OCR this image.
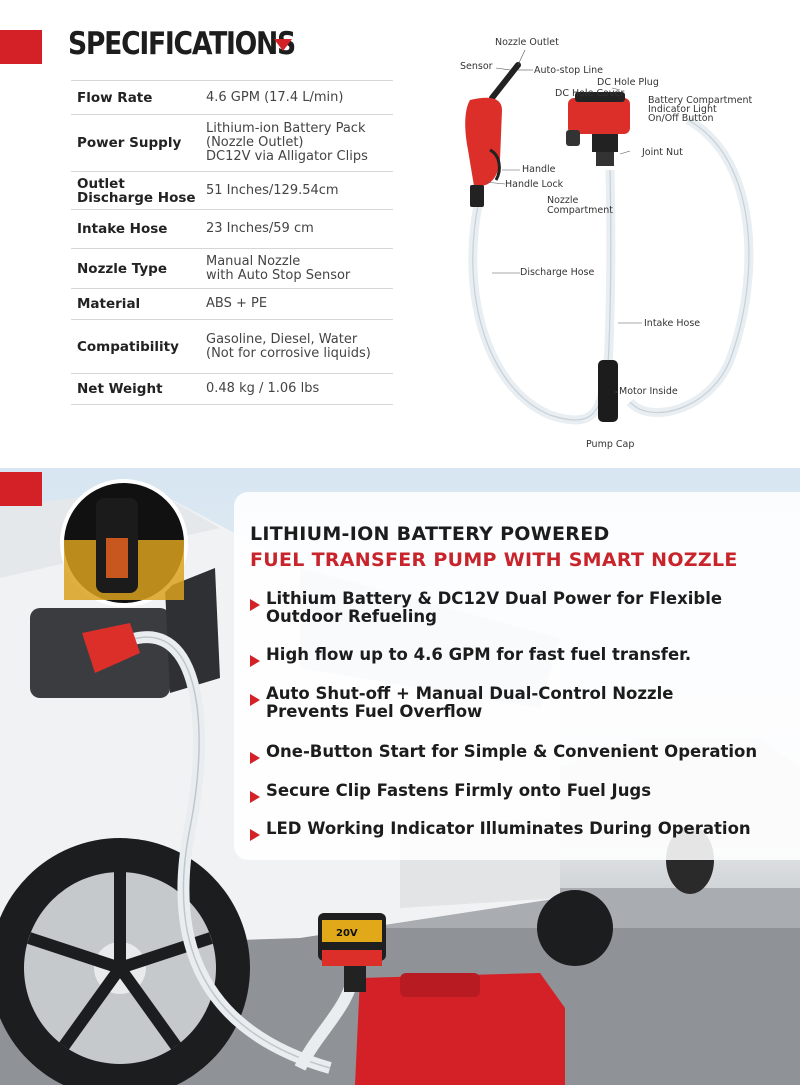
SPECIFICATIONS
Flow Rate	4.6 GPM (17.4 L/min)
Power Supply	Lithium-ion Battery Pack
(Nozzle Outlet)
DC12V via Alligator Clips
Outlet
Discharge Hose	51 Inches/129.54cm
Intake Hose	23 Inches/59 cm
Nozzle Type	Manual Nozzle
with Auto Stop Sensor
Material	ABS + PE
Compatibility	Gasoline, Diesel, Water
(Not for corrosive liquids)
Net Weight	0.48 kg / 1.06 lbs
Nozzle Outlet
Sensor	Auto-stop Line
DC Hole Plug
DC Hole Cover
Battery Compartment
Indicator Light
On/Off Button
Joint Nut
Handle
Handle Lock
Nozzle
Compartment
Discharge Hose
Intake Hose
Motor Inside
Pump Cap
20V
LITHIUM-ION BATTERY POWERED
FUEL TRANSFER PUMP WITH SMART NOZZLE
Lithium Battery & DC12V Dual Power for Flexible
Outdoor Refueling
High flow up to 4.6 GPM for fast fuel transfer.
Auto Shut-off + Manual Dual-Control Nozzle
Prevents Fuel Overflow
One-Button Start for Simple & Convenient Operation
Secure Clip Fastens Firmly onto Fuel Jugs
LED Working Indicator Illuminates During Operation
